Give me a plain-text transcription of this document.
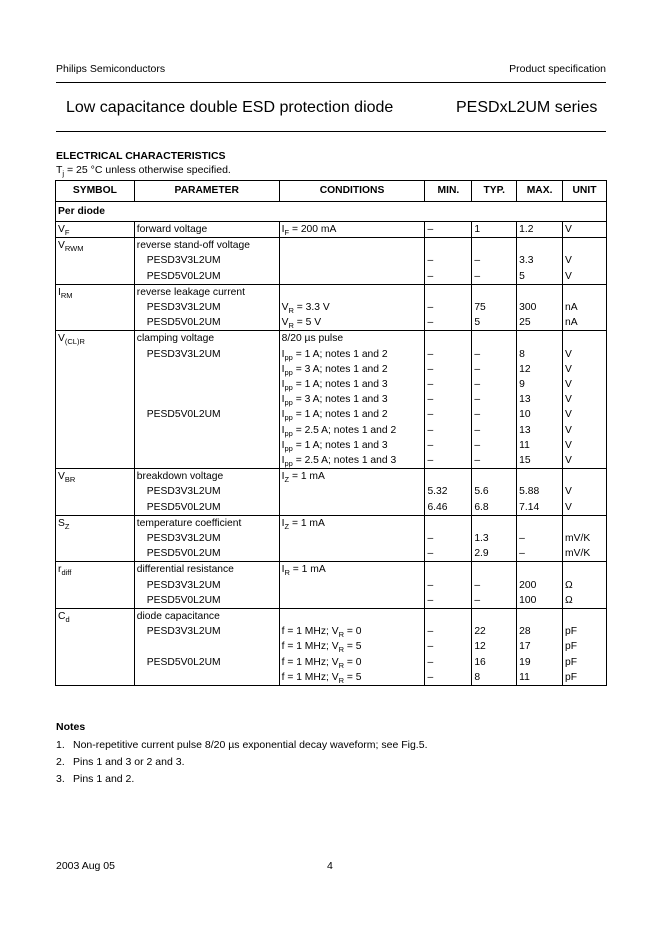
Philips Semiconductors	Product specification
Low capacitance double ESD protection diode	PESDxL2UM series
ELECTRICAL CHARACTERISTICS
$T_j = 25$ °C unless otherwise specified.
SYMBOL	PARAMETER	CONDITIONS	MIN.	TYP.	MAX.	UNIT
Per diode						
$V_F$	forward voltage	$I_F = 200$ mA	–	1	1.2	V
$V_{RWM}$	reverse stand-off voltage					
	PESD3V3L2UM		–	–	3.3	V
	PESD5V0L2UM		–	–	5	V
$I_{RM}$	reverse leakage current					
	PESD3V3L2UM	$V_R = 3.3$ V	–	75	300	nA
	PESD5V0L2UM	$V_R = 5$ V	–	5	25	nA
$V_{(CL)R}$	clamping voltage	8/20 µs pulse				
	PESD3V3L2UM	$I_{pp} = 1$ A; notes 1 and 2	–	–	8	V
		$I_{pp} = 3$ A; notes 1 and 2	–	–	12	V
		$I_{pp} = 1$ A; notes 1 and 3	–	–	9	V
		$I_{pp} = 3$ A; notes 1 and 3	–	–	13	V
	PESD5V0L2UM	$I_{pp} = 1$ A; notes 1 and 2	–	–	10	V
		$I_{pp} = 2.5$ A; notes 1 and 2	–	–	13	V
		$I_{pp} = 1$ A; notes 1 and 3	–	–	11	V
		$I_{pp} = 2.5$ A; notes 1 and 3	–	–	15	V
$V_{BR}$	breakdown voltage	$I_Z = 1$ mA				
	PESD3V3L2UM		5.32	5.6	5.88	V
	PESD5V0L2UM		6.46	6.8	7.14	V
$S_Z$	temperature coefficient	$I_Z = 1$ mA				
	PESD3V3L2UM		–	1.3	–	mV/K
	PESD5V0L2UM		–	2.9	–	mV/K
$r_{diff}$	differential resistance	$I_R = 1$ mA				
	PESD3V3L2UM		–	–	200	Ω
	PESD5V0L2UM		–	–	100	Ω
$C_d$	diode capacitance					
	PESD3V3L2UM	f = 1 MHz; $V_R = 0$	–	22	28	pF
		f = 1 MHz; $V_R = 5$	–	12	17	pF
	PESD5V0L2UM	f = 1 MHz; $V_R = 0$	–	16	19	pF
		f = 1 MHz; $V_R = 5$	–	8	11	pF
Notes
1. Non-repetitive current pulse 8/20 µs exponential decay waveform; see Fig.5.
2. Pins 1 and 3 or 2 and 3.
3. Pins 1 and 2.
2003 Aug 05	4
